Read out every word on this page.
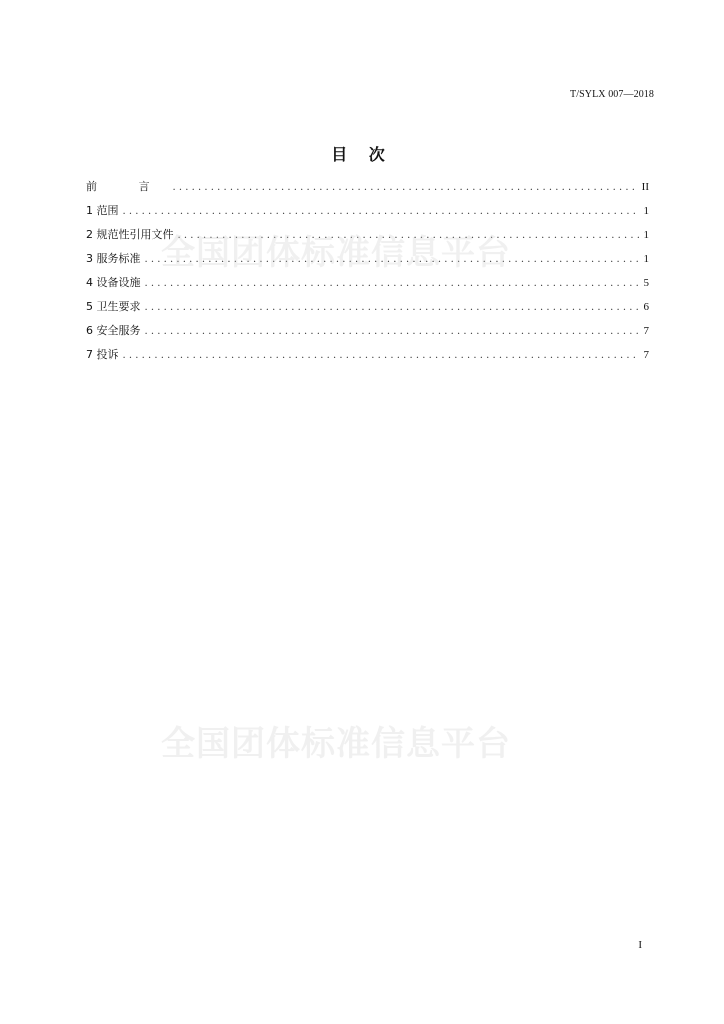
T/SYLX 007—2018
目 次
前 言 .....	II
1 范围 .....	1
2 规范性引用文件 .....	1
3 服务标准 .....	1
4 设备设施 .....	5
5 卫生要求 .....	6
6 安全服务 .....	7
7 投诉 .....	7
全国团体标准信息平台
全国团体标准信息平台
I
